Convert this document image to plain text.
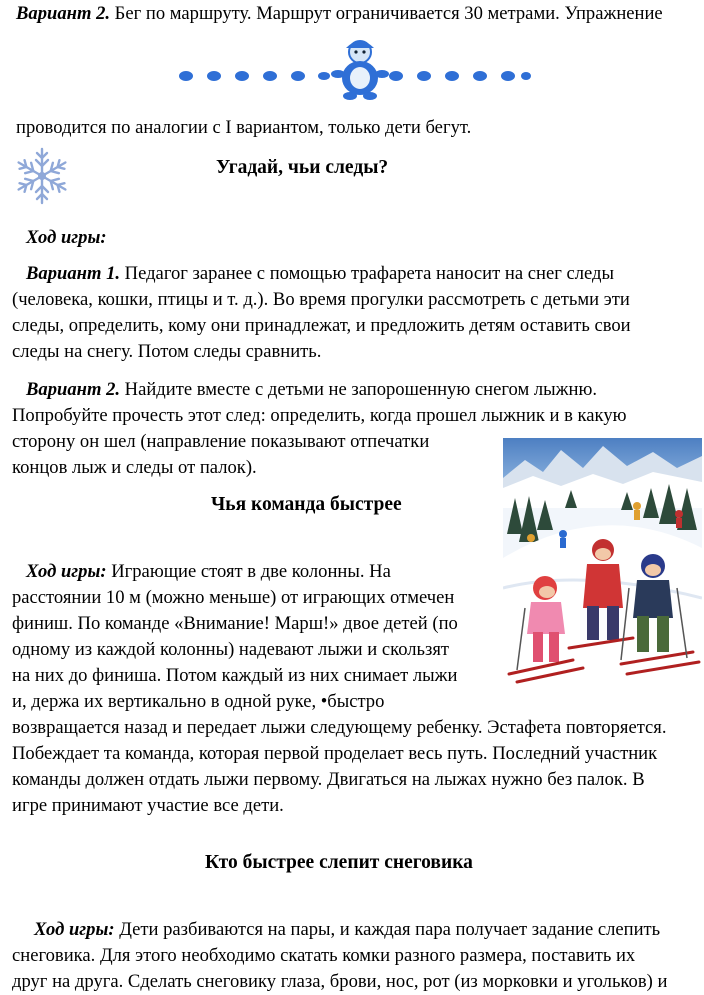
Вариант 2. Бег по маршруту. Маршрут ограничивается 30 метрами. Упражнение
проводится по аналогии с I вариантом, только дети бегут.
Угадай, чьи следы?
Ход игры:
Вариант 1. Педагог заранее с помощью трафарета наносит на снег следы
(человека, кошки, птицы и т. д.). Во время прогулки рассмотреть с детьми эти
следы, определить, кому они принадлежат, и предложить детям оставить свои
следы на снегу. Потом следы сравнить.
Вариант 2. Найдите вместе с детьми не запорошенную снегом лыжню.
Попробуйте прочесть этот след: определить, когда прошел лыжник и в какую
сторону он шел (направление показывают отпечатки
концов лыж и следы от палок).
Чья команда быстрее
Ход игры: Играющие стоят в две колонны. На
расстоянии 10 м (можно меньше) от играющих отмечен
финиш. По команде «Внимание! Марш!» двое детей (по
одному из каждой колонны) надевают лыжи и скользят
на них до финиша. Потом каждый из них снимает лыжи
и, держа их вертикально в одной руке, •быстро
возвращается назад и передает лыжи следующему ребенку. Эстафета повторяется.
Побеждает та команда, которая первой проделает весь путь. Последний участник
команды должен отдать лыжи первому. Двигаться на лыжах нужно без палок. В
игре принимают участие все дети.
Кто быстрее слепит снеговика
Ход игры: Дети разбиваются на пары, и каждая пара получает задание слепить
снеговика. Для этого необходимо скатать комки разного размера, поставить их
друг на друга. Сделать снеговику глаза, брови, нос, рот (из морковки и угольков) и
